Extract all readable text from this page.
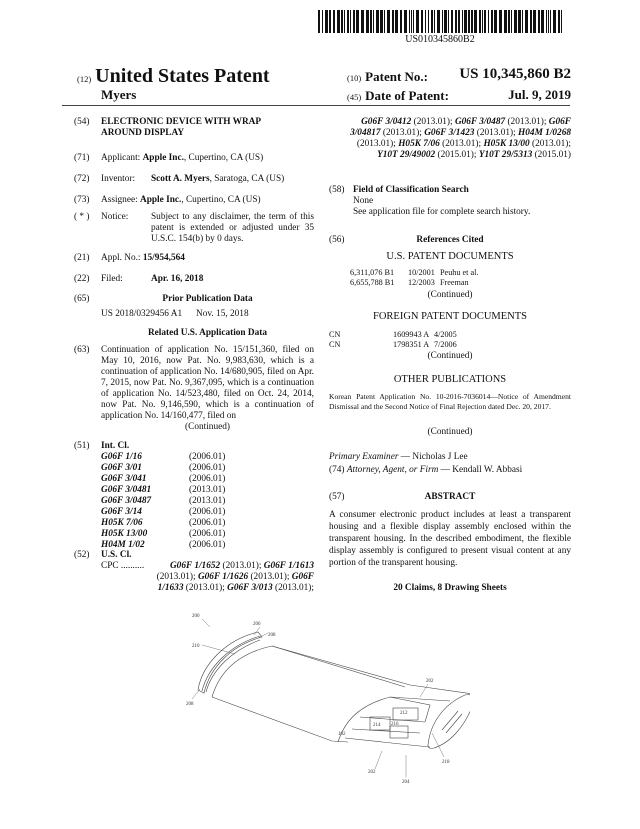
US010345860B2
(12) United States Patent
Myers
(10) Patent No.: US 10,345,860 B2
(45) Date of Patent:	Jul. 9, 2019
(54) ELECTRONIC DEVICE WITH WRAP
AROUND DISPLAY
(71) Applicant: Apple Inc., Cupertino, CA (US)
(72) Inventor: Scott A. Myers, Saratoga, CA (US)
(73) Assignee: Apple Inc., Cupertino, CA (US)
( * ) Notice: Subject to any disclaimer, the term of this patent is extended or adjusted under 35 U.S.C. 154(b) by 0 days.
(21) Appl. No.: 15/954,564
(22) Filed:	Apr. 16, 2018
(65)	Prior Publication Data
US 2018/0329456 A1 Nov. 15, 2018
Related U.S. Application Data
(63) Continuation of application No. 15/151,360, filed on May 10, 2016, now Pat. No. 9,983,630, which is a continuation of application No. 14/680,905, filed on Apr. 7, 2015, now Pat. No. 9,367,095, which is a continuation of application No. 14/523,480, filed on Oct. 24, 2014, now Pat. No. 9,146,590, which is a continuation of application No. 14/160,477, filed on
(Continued)
(51) Int. Cl.
G06F 1/16	(2006.01)
G06F 3/01	(2006.01)
G06F 3/041	(2006.01)
G06F 3/0481	(2013.01)
G06F 3/0487	(2013.01)
G06F 3/14	(2006.01)
H05K 7/06	(2006.01)
H05K 13/00	(2006.01)
H04M 1/02	(2006.01)
(52) U.S. Cl.
CPC ..........	G06F 1/1652 (2013.01); G06F 1/1613 (2013.01); G06F 1/1626 (2013.01); G06F 1/1633 (2013.01); G06F 3/013 (2013.01);
G06F 3/0412 (2013.01); G06F 3/0487 (2013.01); G06F 3/04817 (2013.01); G06F 3/1423 (2013.01); H04M 1/0268 (2013.01); H05K 7/06 (2013.01); H05K 13/00 (2013.01); Y10T 29/49002 (2015.01); Y10T 29/5313 (2015.01)
(58) Field of Classification Search
None
See application file for complete search history.
(56)	References Cited
U.S. PATENT DOCUMENTS
6,311,076 B1 10/2001 Peuhu et al.
6,655,788 B1 12/2003 Freeman
(Continued)
FOREIGN PATENT DOCUMENTS
CN	1609943 A 4/2005
CN	1798351 A 7/2006
(Continued)
OTHER PUBLICATIONS
Korean Patent Application No. 10-2016-7036014—Notice of Amendment Dismissal and the Second Notice of Final Rejection dated Dec. 20, 2017.
(Continued)
Primary Examiner — Nicholas J Lee
(74) Attorney, Agent, or Firm — Kendall W. Abbasi
(57)	ABSTRACT
A consumer electronic product includes at least a transparent housing and a flexible display assembly enclosed within the transparent housing. In the described embodiment, the flexible display assembly is configured to present visual content at any portion of the transparent housing.
20 Claims, 8 Drawing Sheets
200
206
208
210
208
202
212
214 216
102
202
204
218
